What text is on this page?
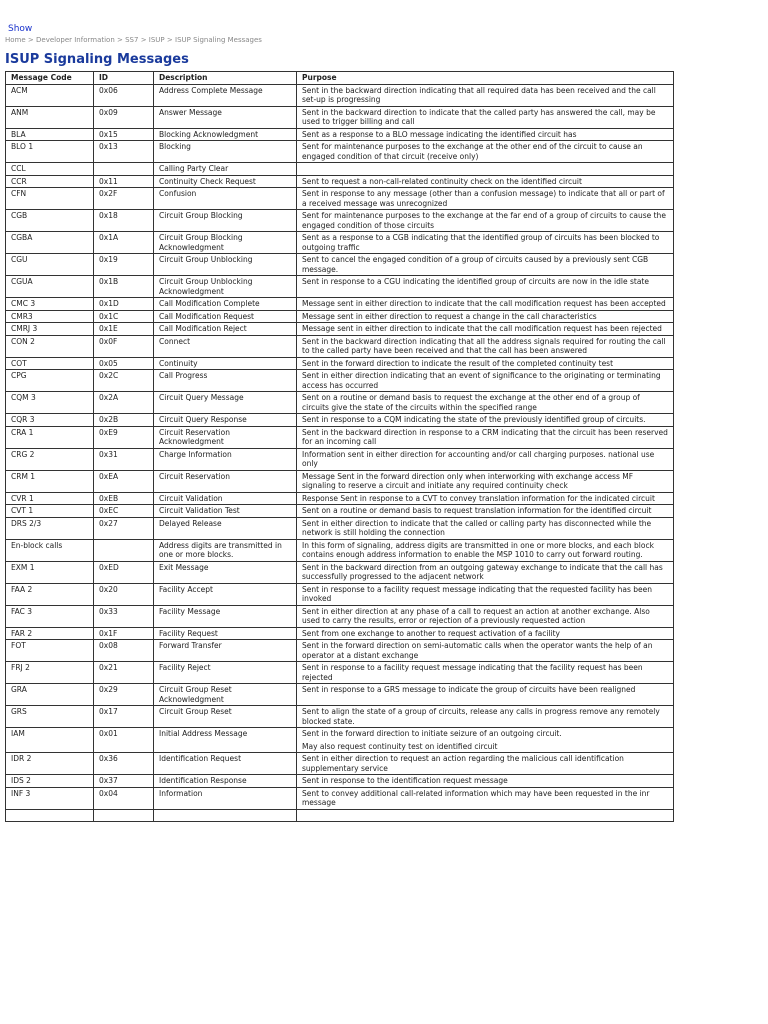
Show
Home > Developer Information > SS7 > ISUP > ISUP Signaling Messages
ISUP Signaling Messages
Message Code	ID	Description	Purpose
ACM	0x06	Address Complete Message	Sent in the backward direction indicating that all required data has been received and the call set-up is progressing

ANM	0x09	Answer Message	Sent in the backward direction to indicate that the called party has answered the call, may be used to trigger billing and call

BLA	0x15	Blocking Acknowledgment	Sent as a response to a BLO message indicating the identified circuit has

BLO 1	0x13	Blocking	Sent for maintenance purposes to the exchange at the other end of the circuit to cause an engaged condition of that circuit (receive only)

CCL		Calling Party Clear	

CCR	0x11	Continuity Check Request	Sent to request a non-call-related continuity check on the identified circuit

CFN	0x2F	Confusion	Sent in response to any message (other than a confusion message) to indicate that all or part of a received message was unrecognized

CGB	0x18	Circuit Group Blocking	Sent for maintenance purposes to the exchange at the far end of a group of circuits to cause the engaged condition of those circuits

CGBA	0x1A	Circuit Group Blocking Acknowledgment	Sent as a response to a CGB indicating that the identified group of circuits has been blocked to outgoing traffic

CGU	0x19	Circuit Group Unblocking	Sent to cancel the engaged condition of a group of circuits caused by a previously sent CGB message.

CGUA	0x1B	Circuit Group Unblocking Acknowledgment	Sent in response to a CGU indicating the identified group of circuits are now in the idle state

CMC 3	0x1D	Call Modification Complete	Message sent in either direction to indicate that the call modification request has been accepted

CMR3	0x1C	Call Modification Request	Message sent in either direction to request a change in the call characteristics

CMRJ 3	0x1E	Call Modification Reject	Message sent in either direction to indicate that the call modification request has been rejected

CON 2	0x0F	Connect	Sent in the backward direction indicating that all the address signals required for routing the call to the called party have been received and that the call has been answered

COT	0x05	Continuity	Sent in the forward direction to indicate the result of the completed continuity test

CPG	0x2C	Call Progress	Sent in either direction indicating that an event of significance to the originating or terminating access has occurred

CQM 3	0x2A	Circuit Query Message	Sent on a routine or demand basis to request the exchange at the other end of a group of circuits give the state of the circuits within the specified range

CQR 3	0x2B	Circuit Query Response	Sent in response to a CQM indicating the state of the previously identified group of circuits.

CRA 1	0xE9	Circuit Reservation Acknowledgment	Sent in the backward direction in response to a CRM indicating that the circuit has been reserved for an incoming call

CRG 2	0x31	Charge Information	Information sent in either direction for accounting and/or call charging purposes. national use only

CRM 1	0xEA	Circuit Reservation	Message Sent in the forward direction only when interworking with exchange access MF signaling to reserve a circuit and initiate any required continuity check

CVR 1	0xEB	Circuit Validation	Response Sent in response to a CVT to convey translation information for the indicated circuit

CVT 1	0xEC	Circuit Validation Test	Sent on a routine or demand basis to request translation information for the identified circuit

DRS 2/3	0x27	Delayed Release	Sent in either direction to indicate that the called or calling party has disconnected while the network is still holding the connection

En-block calls		Address digits are transmitted in one or more blocks.	In this form of signaling, address digits are transmitted in one or more blocks, and each block contains enough address information to enable the MSP 1010 to carry out forward routing.

EXM 1	0xED	Exit Message	Sent in the backward direction from an outgoing gateway exchange to indicate that the call has successfully progressed to the adjacent network

FAA 2	0x20	Facility Accept	Sent in response to a facility request message indicating that the requested facility has been invoked

FAC 3	0x33	Facility Message	Sent in either direction at any phase of a call to request an action at another exchange. Also used to carry the results, error or rejection of a previously requested action

FAR 2	0x1F	Facility Request	Sent from one exchange to another to request activation of a facility

FOT	0x08	Forward Transfer	Sent in the forward direction on semi-automatic calls when the operator wants the help of an operator at a distant exchange

FRJ 2	0x21	Facility Reject	Sent in response to a facility request message indicating that the facility request has been rejected

GRA	0x29	Circuit Group Reset Acknowledgment	Sent in response to a GRS message to indicate the group of circuits have been realigned

GRS	0x17	Circuit Group Reset	Sent to align the state of a group of circuits, release any calls in progress remove any remotely blocked state.

IAM	0x01	Initial Address Message	Sent in the forward direction to initiate seizure of an outgoing circuit.
May also request continuity test on identified circuit

IDR 2	0x36	Identification Request	Sent in either direction to request an action regarding the malicious call identification supplementary service

IDS 2	0x37	Identification Response	Sent in response to the identification request message

INF 3	0x04	Information	Sent to convey additional call-related information which may have been requested in the inr message
